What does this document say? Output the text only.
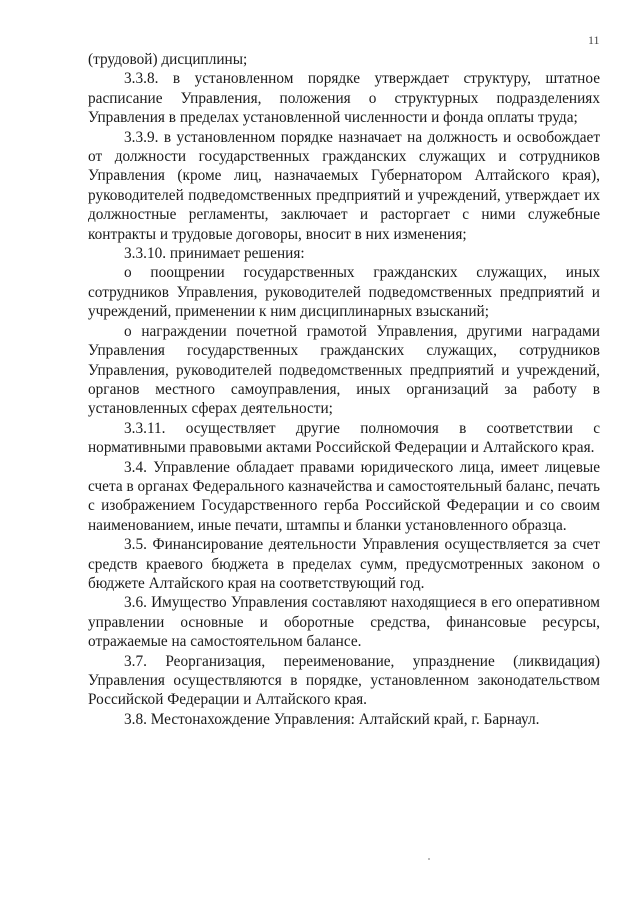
11

(трудовой) дисциплины;

3.3.8. в установленном порядке утверждает структуру, штатное расписание Управления, положения о структурных подразделениях Управления в пределах установленной численности и фонда оплаты труда;

3.3.9. в установленном порядке назначает на должность и освобождает от должности государственных гражданских служащих и сотрудников Управления (кроме лиц, назначаемых Губернатором Алтайского края), руководителей подведомственных предприятий и учреждений, утверждает их должностные регламенты, заключает и расторгает с ними служебные контракты и трудовые договоры, вносит в них изменения;

3.3.10. принимает решения:

о поощрении государственных гражданских служащих, иных сотрудников Управления, руководителей подведомственных предприятий и учреждений, применении к ним дисциплинарных взысканий;

о награждении почетной грамотой Управления, другими наградами Управления государственных гражданских служащих, сотрудников Управления, руководителей подведомственных предприятий и учреждений, органов местного самоуправления, иных организаций за работу в установленных сферах деятельности;

3.3.11. осуществляет другие полномочия в соответствии с нормативными правовыми актами Российской Федерации и Алтайского края.

3.4. Управление обладает правами юридического лица, имеет лицевые счета в органах Федерального казначейства и самостоятельный баланс, печать с изображением Государственного герба Российской Федерации и со своим наименованием, иные печати, штампы и бланки установленного образца.

3.5. Финансирование деятельности Управления осуществляется за счет средств краевого бюджета в пределах сумм, предусмотренных законом о бюджете Алтайского края на соответствующий год.

3.6. Имущество Управления составляют находящиеся в его оперативном управлении основные и оборотные средства, финансовые ресурсы, отражаемые на самостоятельном балансе.

3.7. Реорганизация, переименование, упразднение (ликвидация) Управления осуществляются в порядке, установленном законодательством Российской Федерации и Алтайского края.

3.8. Местонахождение Управления: Алтайский край, г. Барнаул.
